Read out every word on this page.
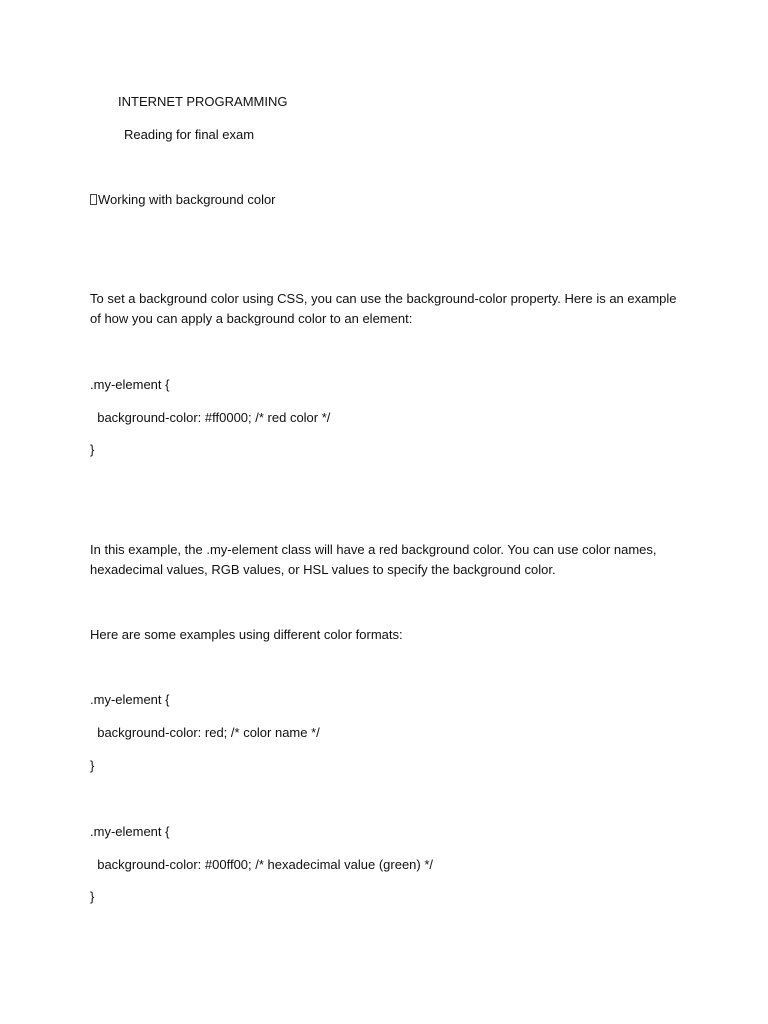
INTERNET PROGRAMMING
Reading for final exam
Working with background color
To set a background color using CSS, you can use the background-color property. Here is an example of how you can apply a background color to an element:
.my-element {
background-color: #ff0000; /* red color */
}
In this example, the .my-element class will have a red background color. You can use color names, hexadecimal values, RGB values, or HSL values to specify the background color.
Here are some examples using different color formats:
.my-element {
background-color: red; /* color name */
}
.my-element {
background-color: #00ff00; /* hexadecimal value (green) */
}
